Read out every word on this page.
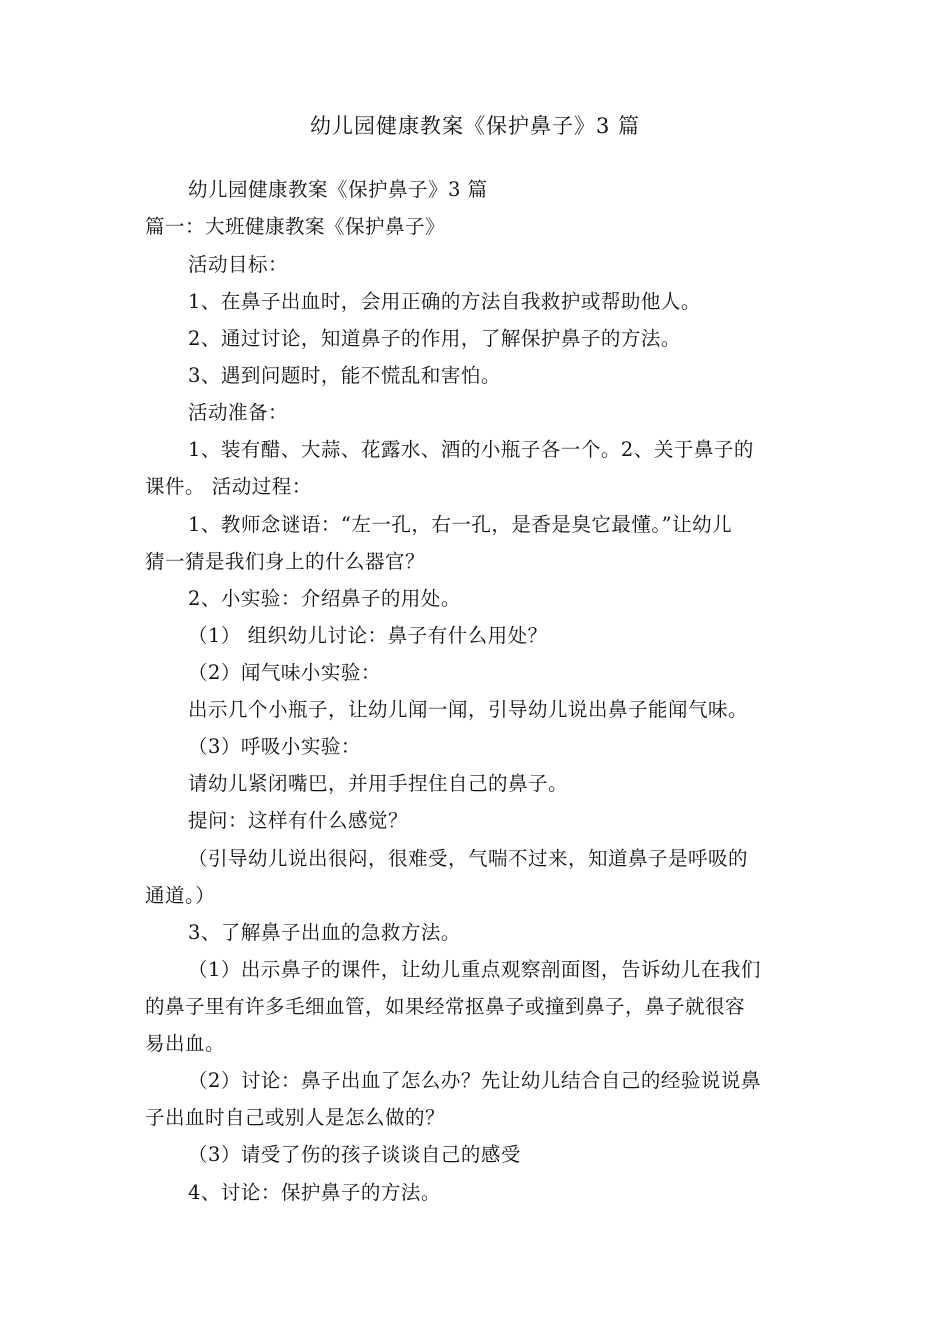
幼儿园健康教案《保护鼻子》3 篇
幼儿园健康教案《保护鼻子》3 篇
篇一：大班健康教案《保护鼻子》
活动目标：
1、在鼻子出血时，会用正确的方法自我救护或帮助他人。
2、通过讨论，知道鼻子的作用，了解保护鼻子的方法。
3、遇到问题时，能不慌乱和害怕。
活动准备：
1、装有醋、大蒜、花露水、酒的小瓶子各一个。2、关于鼻子的
课件。 活动过程：
1、教师念谜语：“左一孔，右一孔，是香是臭它最懂。”让幼儿
猜一猜是我们身上的什么器官？
2、小实验：介绍鼻子的用处。
（1） 组织幼儿讨论：鼻子有什么用处？
（2）闻气味小实验：
出示几个小瓶子，让幼儿闻一闻，引导幼儿说出鼻子能闻气味。
（3）呼吸小实验：
请幼儿紧闭嘴巴，并用手捏住自己的鼻子。
提问：这样有什么感觉？
（引导幼儿说出很闷，很难受，气喘不过来，知道鼻子是呼吸的
通道。）
3、了解鼻子出血的急救方法。
（1）出示鼻子的课件，让幼儿重点观察剖面图，告诉幼儿在我们
的鼻子里有许多毛细血管，如果经常抠鼻子或撞到鼻子，鼻子就很容
易出血。
（2）讨论：鼻子出血了怎么办？先让幼儿结合自己的经验说说鼻
子出血时自己或别人是怎么做的？
（3）请受了伤的孩子谈谈自己的感受
4、讨论：保护鼻子的方法。
